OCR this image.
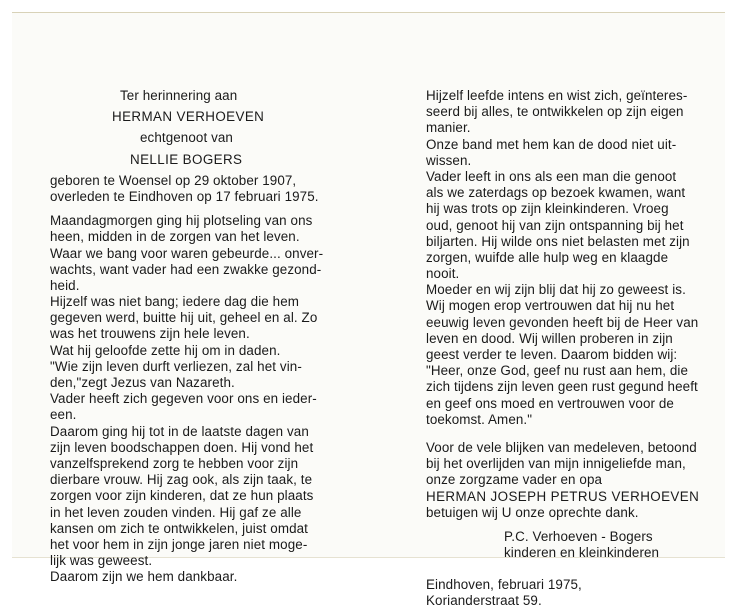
Ter herinnering aan
HERMAN VERHOEVEN
echtgenoot van
NELLIE BOGERS
geboren te Woensel op 29 oktober 1907,
overleden te Eindhoven op 17 februari 1975.
Maandagmorgen ging hij plotseling van ons
heen, midden in de zorgen van het leven.
Waar we bang voor waren gebeurde... onver-
wachts, want vader had een zwakke gezond-
heid.
Hijzelf was niet bang; iedere dag die hem
gegeven werd, buitte hij uit, geheel en al. Zo
was het trouwens zijn hele leven.
Wat hij geloofde zette hij om in daden.
"Wie zijn leven durft verliezen, zal het vin-
den,"zegt Jezus van Nazareth.
Vader heeft zich gegeven voor ons en ieder-
een.
Daarom ging hij tot in de laatste dagen van
zijn leven boodschappen doen. Hij vond het
vanzelfsprekend zorg te hebben voor zijn
dierbare vrouw. Hij zag ook, als zijn taak, te
zorgen voor zijn kinderen, dat ze hun plaats
in het leven zouden vinden. Hij gaf ze alle
kansen om zich te ontwikkelen, juist omdat
het voor hem in zijn jonge jaren niet moge-
lijk was geweest.
Daarom zijn we hem dankbaar.
Hijzelf leefde intens en wist zich, geïnteres-
seerd bij alles, te ontwikkelen op zijn eigen
manier.
Onze band met hem kan de dood niet uit-
wissen.
Vader leeft in ons als een man die genoot
als we zaterdags op bezoek kwamen, want
hij was trots op zijn kleinkinderen. Vroeg
oud, genoot hij van zijn ontspanning bij het
biljarten. Hij wilde ons niet belasten met zijn
zorgen, wuifde alle hulp weg en klaagde
nooit.
Moeder en wij zijn blij dat hij zo geweest is.
Wij mogen erop vertrouwen dat hij nu het
eeuwig leven gevonden heeft bij de Heer van
leven en dood. Wij willen proberen in zijn
geest verder te leven. Daarom bidden wij:
"Heer, onze God, geef nu rust aan hem, die
zich tijdens zijn leven geen rust gegund heeft
en geef ons moed en vertrouwen voor de
toekomst. Amen."
Voor de vele blijken van medeleven, betoond
bij het overlijden van mijn innigeliefde man,
onze zorgzame vader en opa
HERMAN JOSEPH PETRUS VERHOEVEN
betuigen wij U onze oprechte dank.
P.C. Verhoeven - Bogers
kinderen en kleinkinderen
Eindhoven, februari 1975,
Korianderstraat 59.
